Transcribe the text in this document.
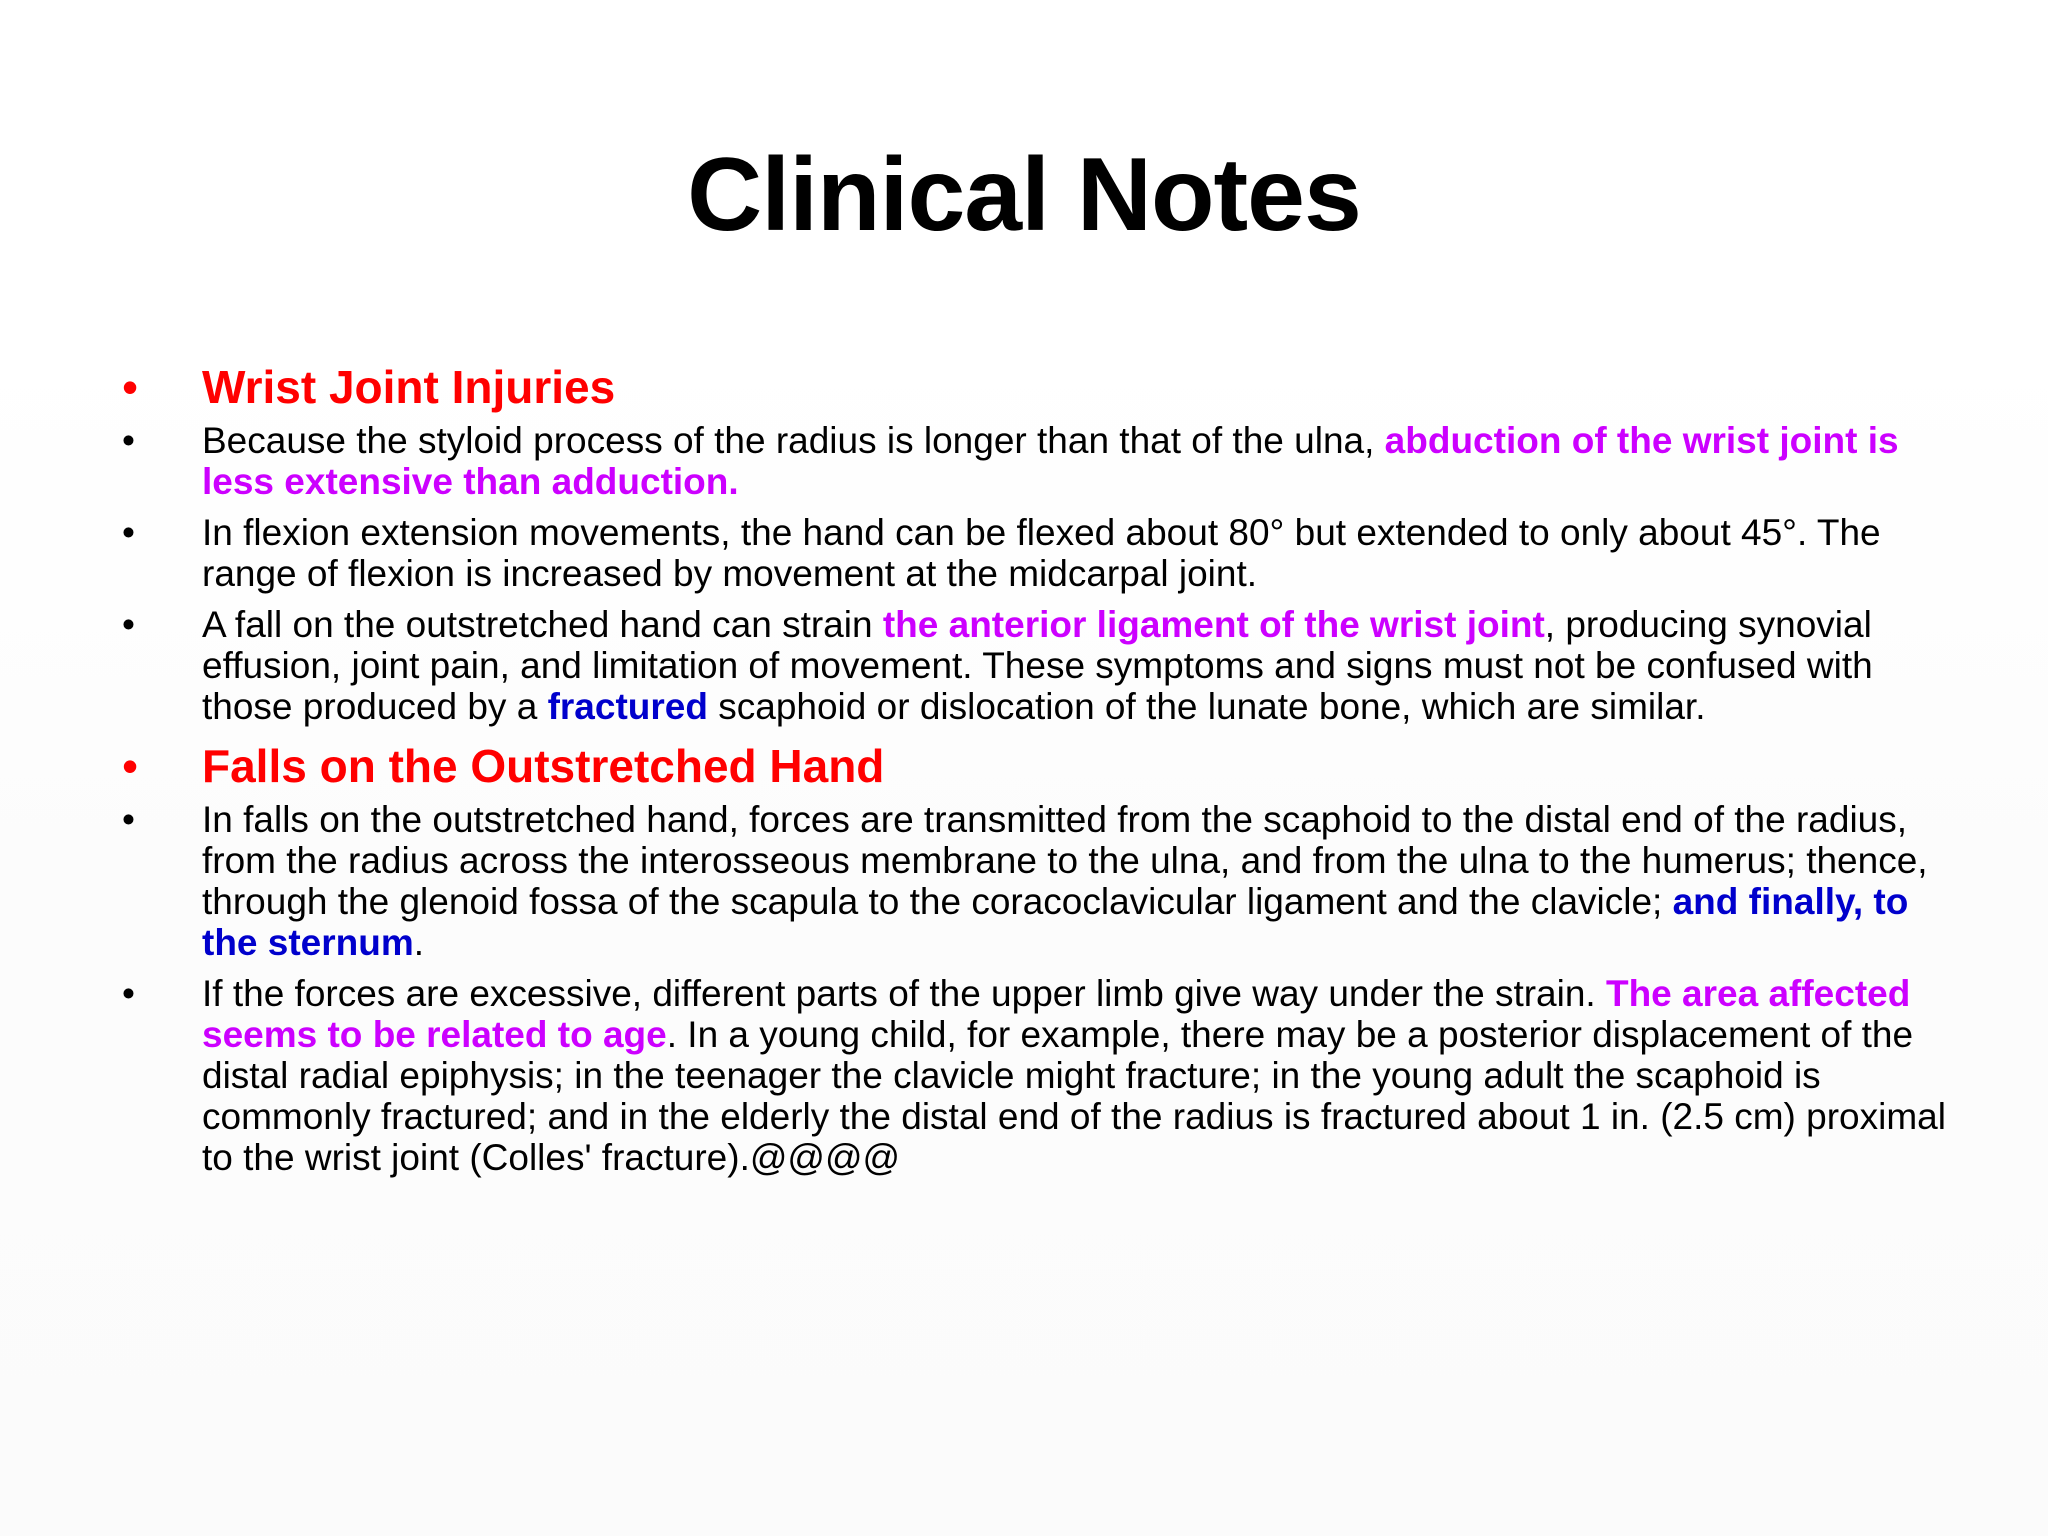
Clinical Notes
•	Wrist Joint Injuries
•	Because the styloid process of the radius is longer than that of the ulna, abduction of the wrist joint is less extensive than adduction.
•	In flexion extension movements, the hand can be flexed about 80° but extended to only about 45°. The range of flexion is increased by movement at the midcarpal joint.
•	A fall on the outstretched hand can strain the anterior ligament of the wrist joint, producing synovial effusion, joint pain, and limitation of movement. These symptoms and signs must not be confused with those produced by a fractured scaphoid or dislocation of the lunate bone, which are similar.
•	Falls on the Outstretched Hand
•	In falls on the outstretched hand, forces are transmitted from the scaphoid to the distal end of the radius, from the radius across the interosseous membrane to the ulna, and from the ulna to the humerus; thence, through the glenoid fossa of the scapula to the coracoclavicular ligament and the clavicle; and finally, to the sternum.
•	If the forces are excessive, different parts of the upper limb give way under the strain. The area affected seems to be related to age. In a young child, for example, there may be a posterior displacement of the distal radial epiphysis; in the teenager the clavicle might fracture; in the young adult the scaphoid is commonly fractured; and in the elderly the distal end of the radius is fractured about 1 in. (2.5 cm) proximal to the wrist joint (Colles' fracture).@@@@
